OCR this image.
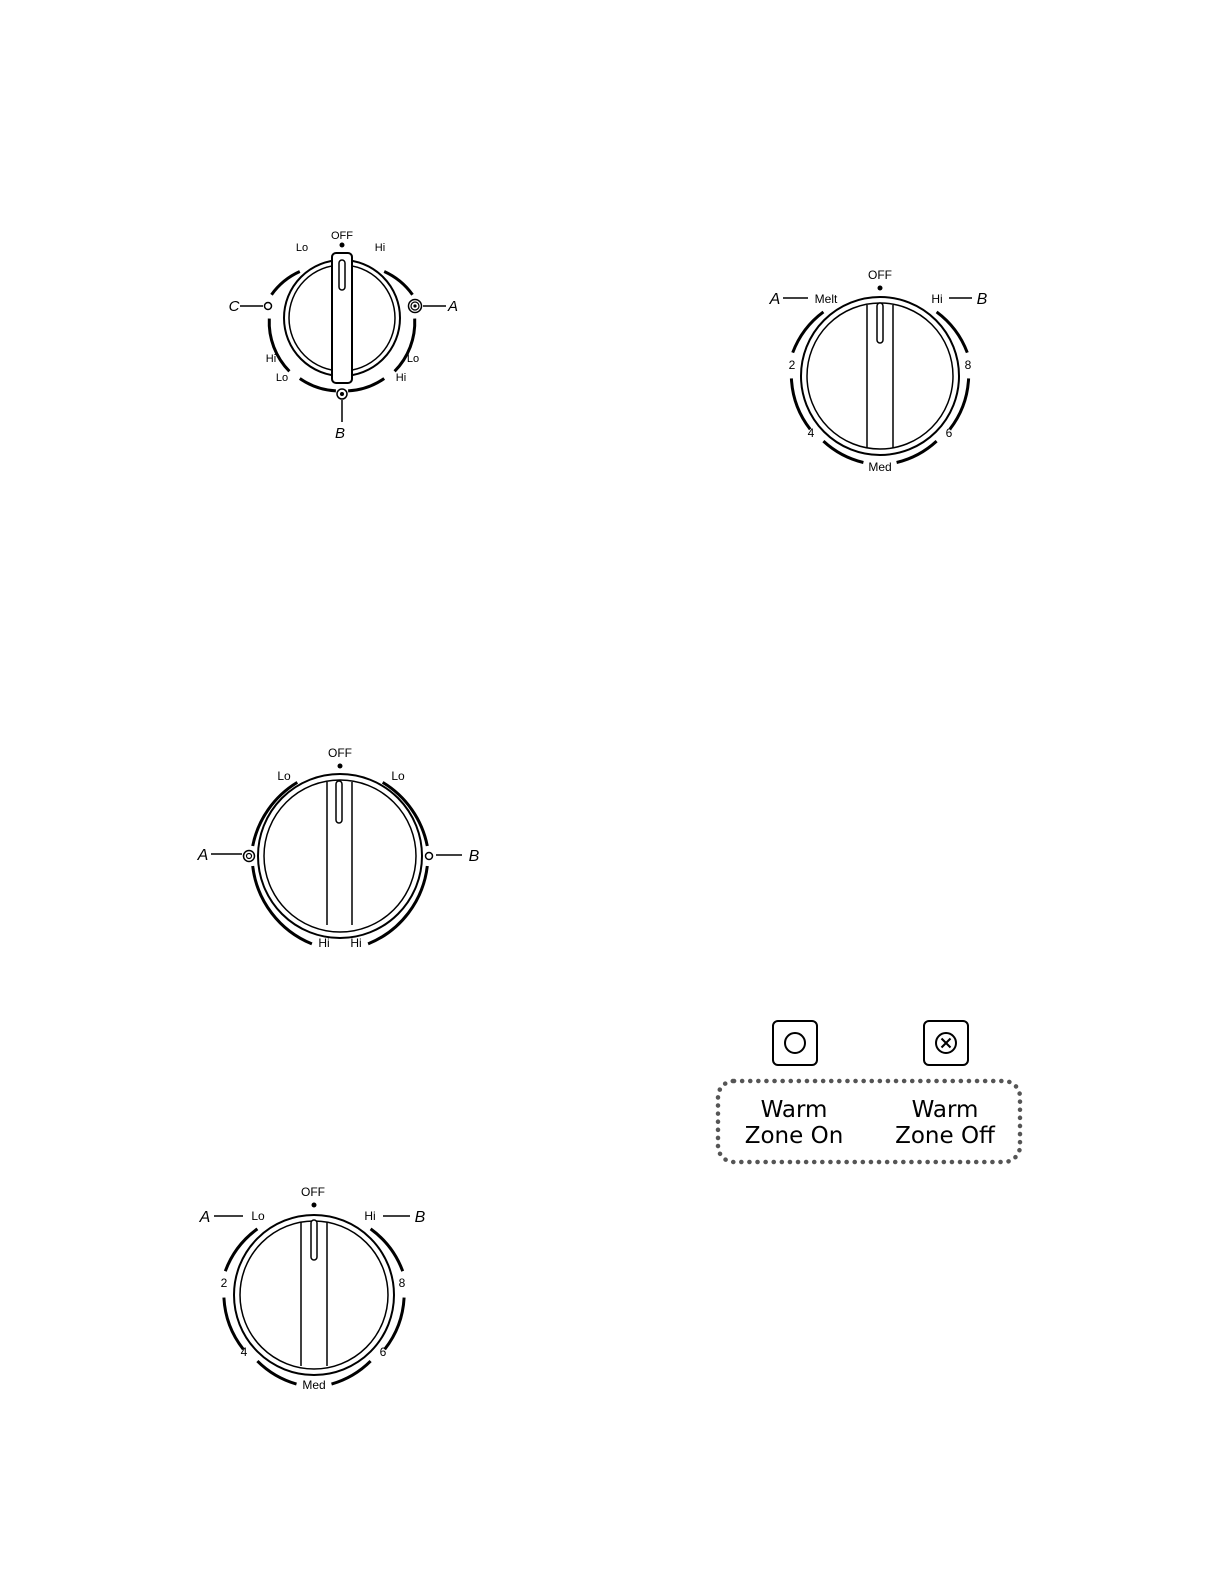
OFF
Lo	Hi
Hi
Lo
Lo
Hi
C	A
B
OFF
Melt	Hi
2	8
4	6
Med
A	B
OFF
Lo	Lo
Hi Hi
A	B
OFF
Lo	Hi
2	8
4	6
Med
A	B
Warm
Zone On
Warm
Zone Off
